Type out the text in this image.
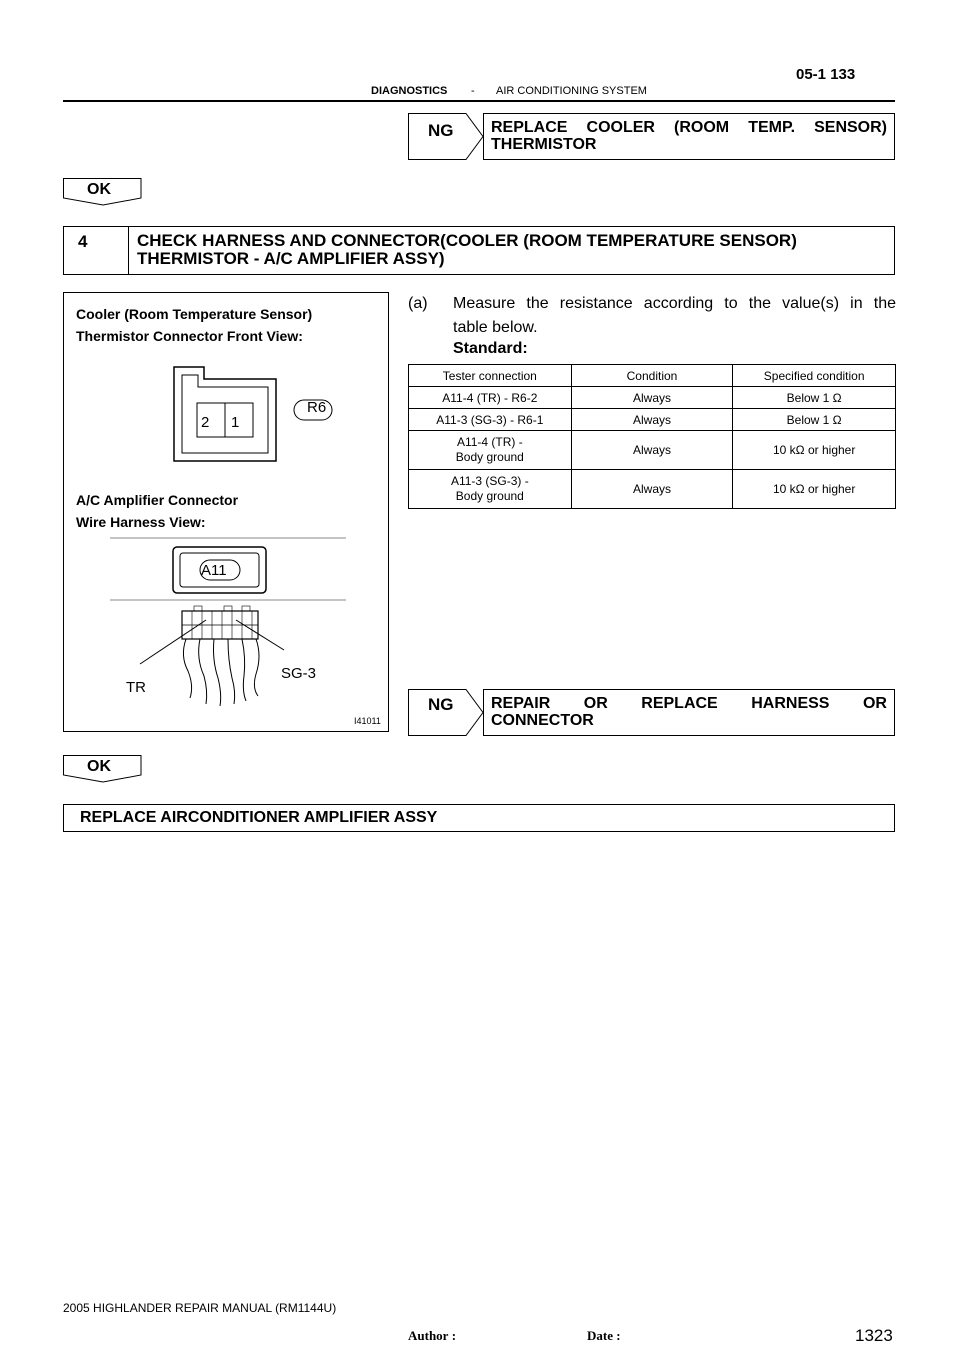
05-1 133
DIAGNOSTICS - AIR CONDITIONING SYSTEM
NG REPLACE COOLER (ROOM TEMP. SENSOR) THERMISTOR
OK
4	CHECK HARNESS AND CONNECTOR(COOLER (ROOM TEMPERATURE SENSOR) THERMISTOR - A/C AMPLIFIER ASSY)
Cooler (Room Temperature Sensor)
Thermistor Connector Front View:
2 1
R6
A/C Amplifier Connector
Wire Harness View:
A11
TR
SG-3
I41011
(a) Measure the resistance according to the value(s) in the
table below.
Standard:
Tester connection	Condition	Specified condition
A11-4 (TR) - R6-2	Always	Below 1 Ω
A11-3 (SG-3) - R6-1	Always	Below 1 Ω

A11-4 (TR) -
Body ground	Always	10 kΩ or higher

A11-3 (SG-3) -
Body ground	Always	10 kΩ or higher
NG REPAIR OR REPLACE HARNESS OR
CONNECTOR
OK
REPLACE AIRCONDITIONER AMPLIFIER ASSY
2005 HIGHLANDER REPAIR MANUAL (RM1144U)
Author :	Date :	1323
